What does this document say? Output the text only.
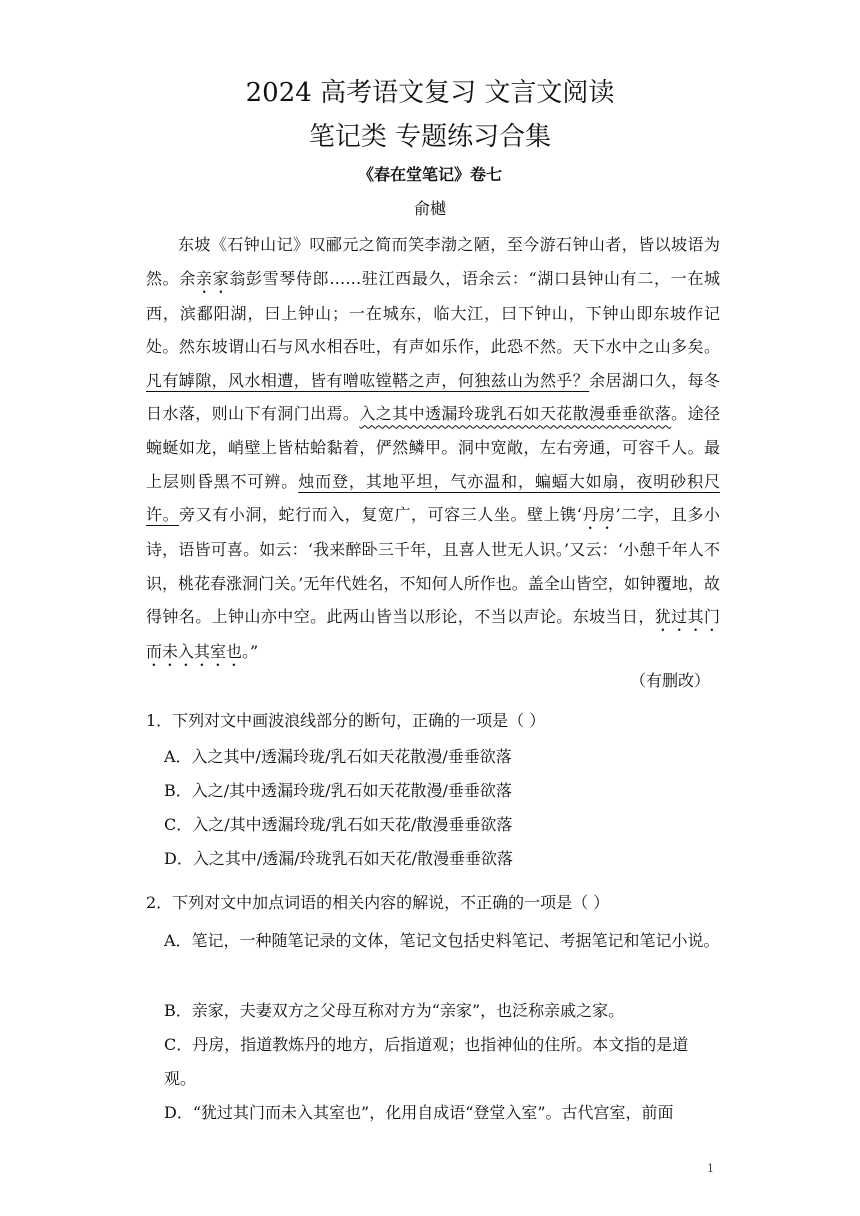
2024 高考语文复习 文言文阅读
笔记类 专题练习合集
《春在堂笔记》卷七
俞樾
东坡《石钟山记》叹郦元之简而笑李渤之陋，至今游石钟山者，皆以坡语为然。余亲家翁彭雪琴侍郎……驻江西最久，语余云：“湖口县钟山有二，一在城西，滨鄱阳湖，曰上钟山；一在城东，临大江，曰下钟山，下钟山即东坡作记处。然东坡谓山石与风水相吞吐，有声如乐作，此恐不然。天下水中之山多矣。凡有罅隙，风水相遭，皆有噌吰镗鞳之声，何独兹山为然乎？余居湖口久，每冬日水落，则山下有洞门出焉。入之其中透漏玲珑乳石如天花散漫垂垂欲落。途径蜿蜒如龙，峭壁上皆枯蛤黏着，俨然鳞甲。洞中宽敞，左右旁通，可容千人。最上层则昏黑不可辨。烛而登，其地平坦，气亦温和，蝙蝠大如扇，夜明砂积尺许。旁又有小洞，蛇行而入，复宽广，可容三人坐。壁上镌‘丹房’二字，且多小诗，语皆可喜。如云：‘我来醉卧三千年，且喜人世无人识。’又云：‘小憩千年人不识，桃花春涨洞门关。’无年代姓名，不知何人所作也。盖全山皆空，如钟覆地，故得钟名。上钟山亦中空。此两山皆当以形论，不当以声论。东坡当日，犹过其门而未入其室也。”
（有删改）
1．下列对文中画波浪线部分的断句，正确的一项是（ ）
A．入之其中/透漏玲珑/乳石如天花散漫/垂垂欲落
B．入之/其中透漏玲珑/乳石如天花散漫/垂垂欲落
C．入之/其中透漏玲珑/乳石如天花/散漫垂垂欲落
D．入之其中/透漏/玲珑乳石如天花/散漫垂垂欲落
2．下列对文中加点词语的相关内容的解说，不正确的一项是（ ）
A．笔记，一种随笔记录的文体，笔记文包括史料笔记、考据笔记和笔记小说。
B．亲家，夫妻双方之父母互称对方为“亲家”，也泛称亲戚之家。
C．丹房，指道教炼丹的地方，后指道观；也指神仙的住所。本文指的是道观。
D．“犹过其门而未入其室也”，化用自成语“登堂入室”。古代宫室，前面
1
